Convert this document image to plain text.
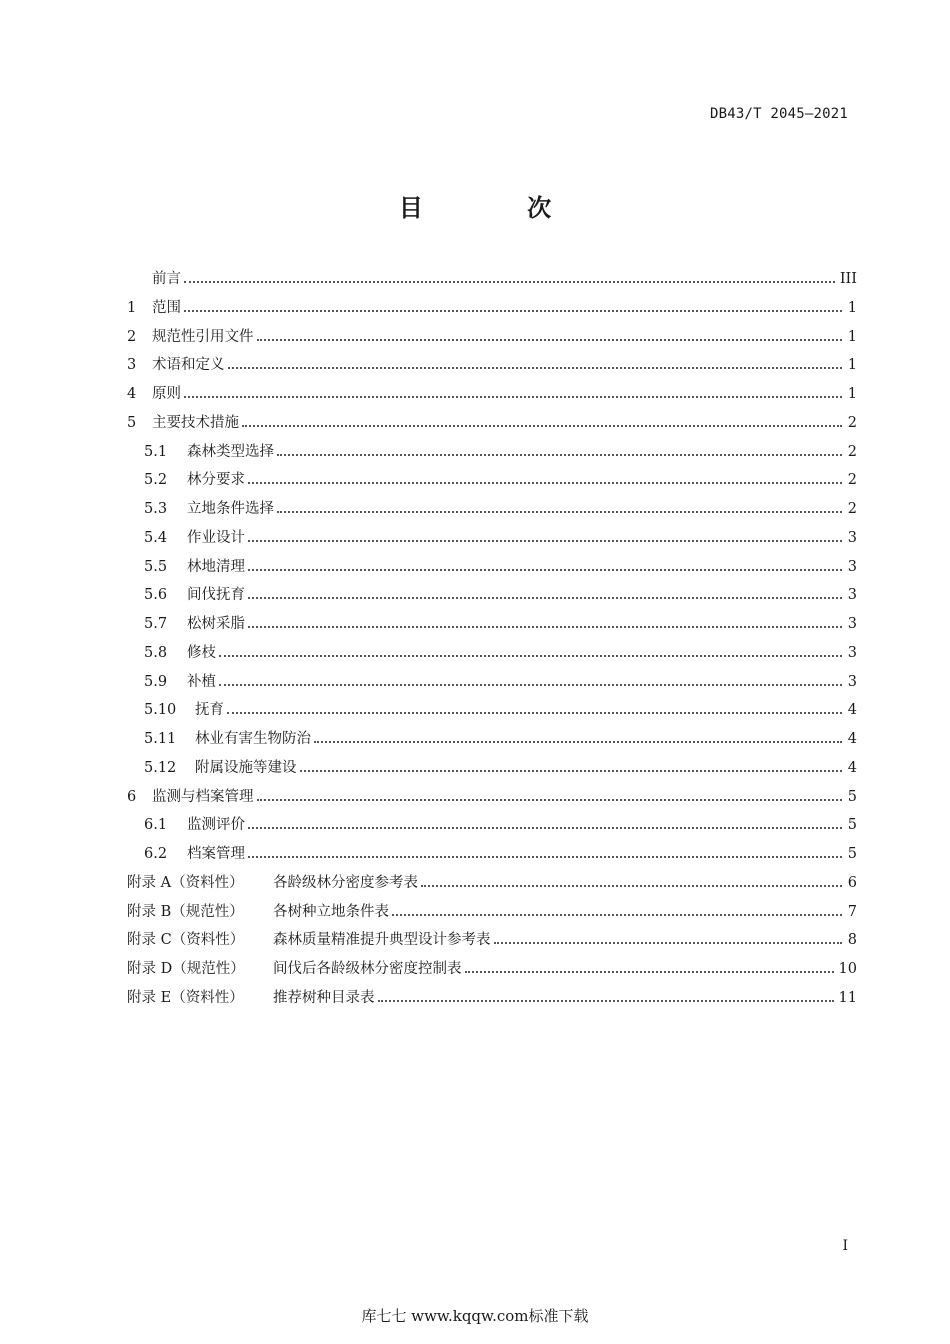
DB43/T 2045—2021
目 次
前言	III
1	范围	1
2	规范性引用文件	1
3	术语和定义	1
4	原则	1
5	主要技术措施	2
5.1	森林类型选择	2
5.2	林分要求	2
5.3	立地条件选择	2
5.4	作业设计	3
5.5	林地清理	3
5.6	间伐抚育	3
5.7	松树采脂	3
5.8	修枝	3
5.9	补植	3
5.10	抚育	4
5.11	林业有害生物防治	4
5.12	附属设施等建设	4
6	监测与档案管理	5
6.1	监测评价	5
6.2	档案管理	5
附录 A（资料性）	各龄级林分密度参考表	6
附录 B（规范性）	各树种立地条件表	7
附录 C（资料性）	森林质量精准提升典型设计参考表	8
附录 D（规范性）	间伐后各龄级林分密度控制表	10
附录 E（资料性）	推荐树种目录表	11
I
库七七 www.kqqw.com标准下载
